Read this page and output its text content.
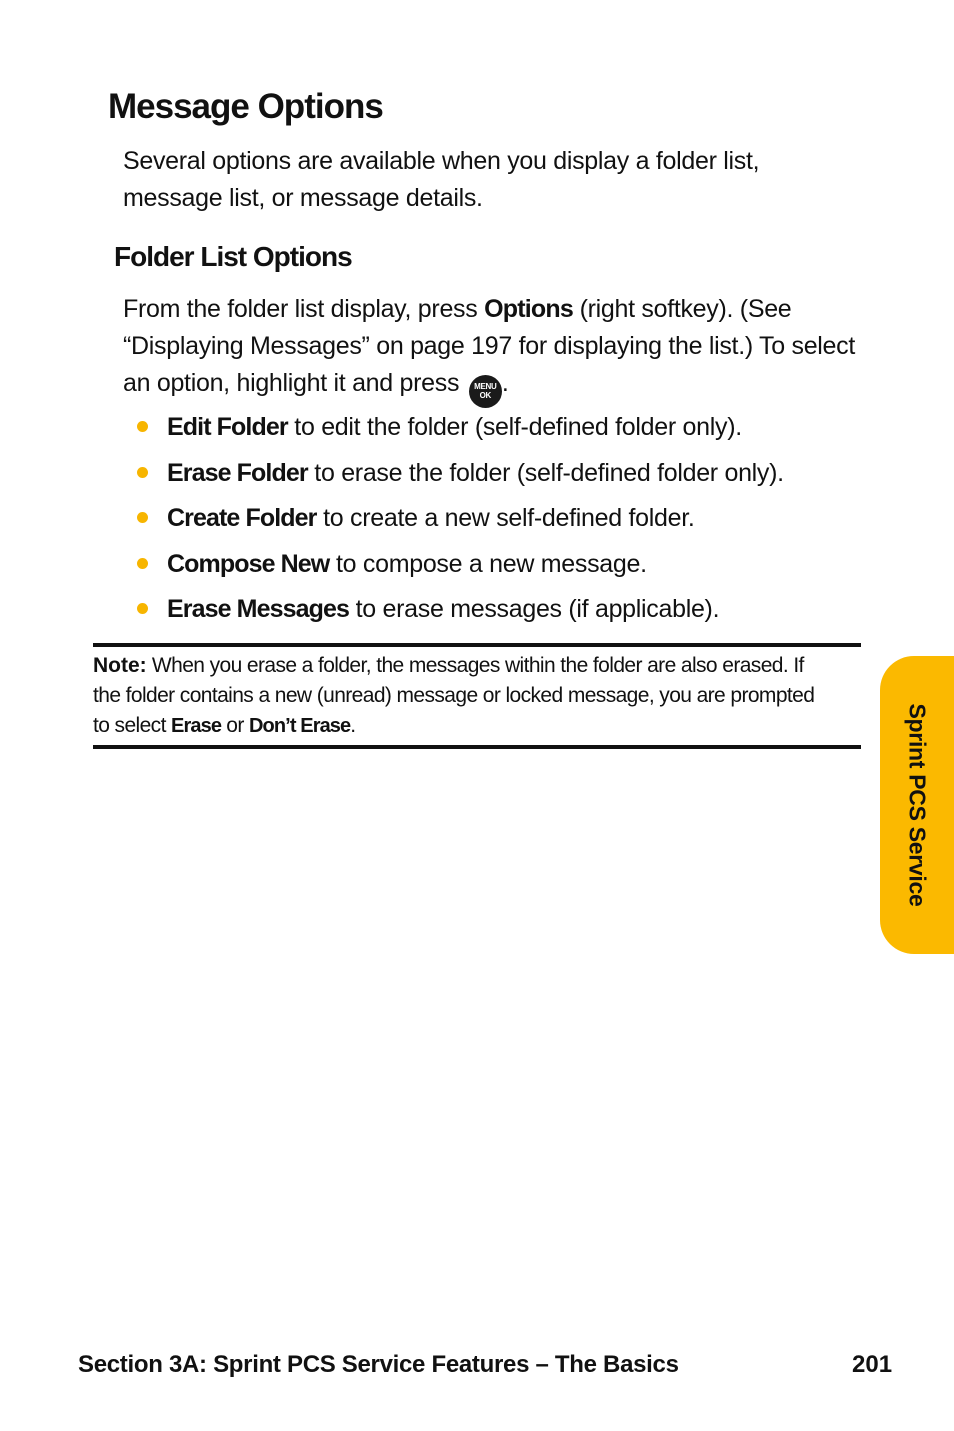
Message Options

Several options are available when you display a folder list, message list, or message details.

Folder List Options

From the folder list display, press Options (right softkey). (See “Displaying Messages” on page 197 for displaying the list.) To select an option, highlight it and press MENU
OK .

Edit Folder to edit the folder (self-defined folder only).
Erase Folder to erase the folder (self-defined folder only).
Create Folder to create a new self-defined folder.
Compose New to compose a new message.
Erase Messages to erase messages (if applicable).

Note: When you erase a folder, the messages within the folder are also erased. If the folder contains a new (unread) message or locked message, you are prompted to select Erase or Don’t Erase.	Sprint PCS Service
Section 3A: Sprint PCS Service Features – The Basics	201
